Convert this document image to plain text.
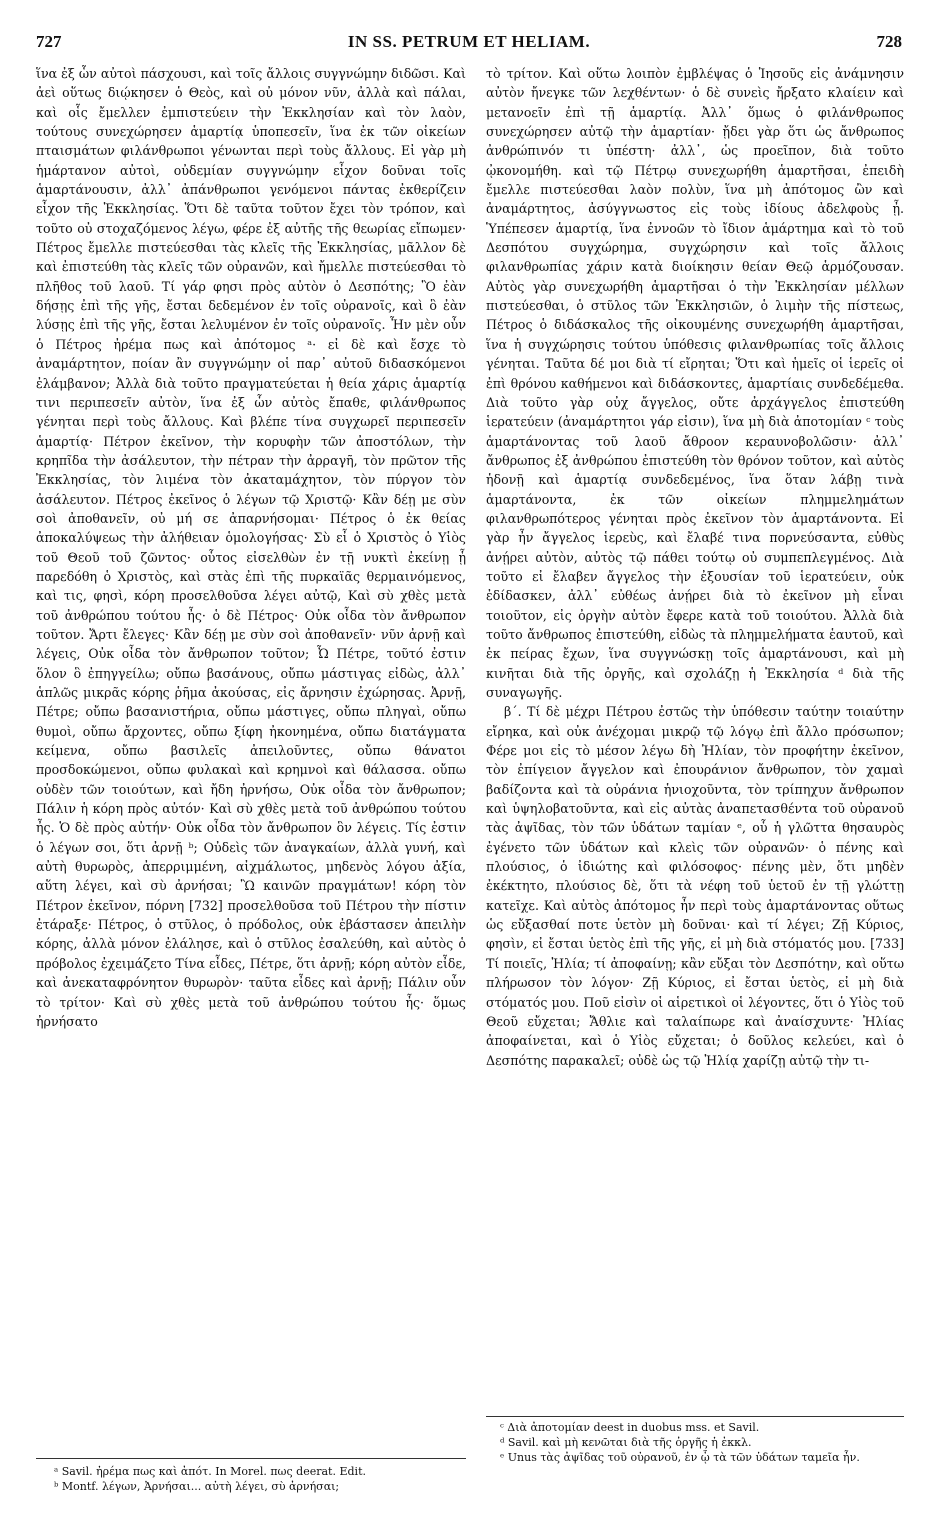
727	IN SS. PETRUM ET HELIAM.	728

ἵνα ἐξ ὧν αὐτοὶ πάσχουσι, καὶ τοῖς ἄλλοις συγγνώμην διδῶσι. Καὶ ἀεὶ οὕτως διῴκησεν ὁ Θεὸς, καὶ οὐ μόνον νῦν, ἀλλὰ καὶ πάλαι, καὶ οἷς ἔμελλεν ἐμπιστεύειν τὴν Ἐκκλησίαν καὶ τὸν λαὸν, τούτους συνεχώρησεν ἁμαρτίᾳ ὑποπεσεῖν, ἵνα ἐκ τῶν οἰκείων πταισμάτων φιλάνθρωποι γένωνται περὶ τοὺς ἄλλους. Εἰ γὰρ μὴ ἡμάρτανον αὐτοὶ, οὐδεμίαν συγγνώμην εἶχον δοῦναι τοῖς ἁμαρτάνουσιν, ἀλλ᾽ ἀπάνθρωποι γενόμενοι πάντας ἐκθερίζειν εἶχον τῆς Ἐκκλησίας. Ὅτι δὲ ταῦτα τοῦτον ἔχει τὸν τρόπον, καὶ τοῦτο οὐ στοχαζόμενος λέγω, φέρε ἐξ αὐτῆς τῆς θεωρίας εἴπωμεν· Πέτρος ἔμελλε πιστεύεσθαι τὰς κλεῖς τῆς Ἐκκλησίας, μᾶλλον δὲ καὶ ἐπιστεύθη τὰς κλεῖς τῶν οὐρανῶν, καὶ ἤμελλε πιστεύεσθαι τὸ πλῆθος τοῦ λαοῦ. Τί γάρ φησι πρὸς αὐτὸν ὁ Δεσπότης; Ὃ ἐὰν δήσῃς ἐπὶ τῆς γῆς, ἔσται δεδεμένον ἐν τοῖς οὐρανοῖς, καὶ ὃ ἐὰν λύσῃς ἐπὶ τῆς γῆς, ἔσται λελυμένον ἐν τοῖς οὐρανοῖς. Ἦν μὲν οὖν ὁ Πέτρος ἠρέμα πως καὶ ἀπότομος ᵃ· εἰ δὲ καὶ ἔσχε τὸ ἀναμάρτητον, ποίαν ἂν συγγνώμην οἱ παρ᾽ αὐτοῦ διδασκόμενοι ἐλάμβανον; Ἀλλὰ διὰ τοῦτο πραγματεύεται ἡ θεία χάρις ἁμαρτίᾳ τινι περιπεσεῖν αὐτὸν, ἵνα ἐξ ὧν αὐτὸς ἔπαθε, φιλάνθρωπος γένηται περὶ τοὺς ἄλλους. Καὶ βλέπε τίνα συγχωρεῖ περιπεσεῖν ἁμαρτίᾳ· Πέτρον ἐκεῖνον, τὴν κορυφὴν τῶν ἀποστόλων, τὴν κρηπῖδα τὴν ἀσάλευτον, τὴν πέτραν τὴν ἀρραγῆ, τὸν πρῶτον τῆς Ἐκκλησίας, τὸν λιμένα τὸν ἀκαταμάχητον, τὸν πύργον τὸν ἀσάλευτον. Πέτρος ἐκεῖνος ὁ λέγων τῷ Χριστῷ· Κἂν δέῃ με σὺν σοὶ ἀποθανεῖν, οὐ μή σε ἀπαρνήσομαι· Πέτρος ὁ ἐκ θείας ἀποκαλύψεως τὴν ἀλήθειαν ὁμολογήσας· Σὺ εἶ ὁ Χριστὸς ὁ Υἱὸς τοῦ Θεοῦ τοῦ ζῶντος· οὗτος εἰσελθὼν ἐν τῇ νυκτὶ ἐκείνῃ ᾗ παρεδόθη ὁ Χριστὸς, καὶ στὰς ἐπὶ τῆς πυρκαϊᾶς θερμαινόμενος, καὶ τις, φησὶ, κόρη προσελθοῦσα λέγει αὐτῷ, Καὶ σὺ χθὲς μετὰ τοῦ ἀνθρώπου τούτου ἦς· ὁ δὲ Πέτρος· Οὐκ οἶδα τὸν ἄνθρωπον τοῦτον. Ἄρτι ἔλεγες· Κἂν δέῃ με σὺν σοὶ ἀποθανεῖν· νῦν ἀρνῇ καὶ λέγεις, Οὐκ οἶδα τὸν ἄνθρωπον τοῦτον; Ὦ Πέτρε, τοῦτό ἐστιν ὅλον ὃ ἐπηγγείλω; οὔπω βασάνους, οὔπω μάστιγας εἰδὼς, ἀλλ᾽ ἁπλῶς μικρᾶς κόρης ῥῆμα ἀκούσας, εἰς ἄρνησιν ἐχώρησας. Ἀρνῇ, Πέτρε; οὔπω βασανιστήρια, οὔπω μάστιγες, οὔπω πληγαὶ, οὔπω θυμοὶ, οὔπω ἄρχοντες, οὔπω ξίφη ἠκονημένα, οὔπω διατάγματα κείμενα, οὔπω βασιλεῖς ἀπειλοῦντες, οὔπω θάνατοι προσδοκώμενοι, οὔπω φυλακαὶ καὶ κρημνοὶ καὶ θάλασσα. οὔπω οὐδὲν τῶν τοιούτων, καὶ ἤδη ἠρνήσω, Οὐκ οἶδα τὸν ἄνθρωπον; Πάλιν ἡ κόρη πρὸς αὐτόν· Καὶ σὺ χθὲς μετὰ τοῦ ἀνθρώπου τούτου ἦς. Ὁ δὲ πρὸς αὐτήν· Οὐκ οἶδα τὸν ἄνθρωπον ὃν λέγεις. Τίς ἐστιν ὁ λέγων σοι, ὅτι ἀρνῇ ᵇ; Οὐδεὶς τῶν ἀναγκαίων, ἀλλὰ γυνή, καὶ αὐτὴ θυρωρὸς, ἀπερριμμένη, αἰχμάλωτος, μηδενὸς λόγου ἀξία, αὕτη λέγει, καὶ σὺ ἀρνήσαι; Ὢ καινῶν πραγμάτων! κόρη τὸν Πέτρον ἐκεῖνον, πόρνη [732] προσελθοῦσα τοῦ Πέτρου τὴν πίστιν ἐτάραξε· Πέτρος, ὁ στῦλος, ὁ πρόδολος, οὐκ ἐβάστασεν ἀπειλὴν κόρης, ἀλλὰ μόνον ἐλάλησε, καὶ ὁ στῦλος ἐσαλεύθη, καὶ αὐτὸς ὁ πρόβολος ἐχειμάζετο Τίνα εἶδες, Πέτρε, ὅτι ἀρνῇ; κόρη αὐτὸν εἶδε, καὶ ἀνεκαταφρόνητον θυρωρὸν· ταῦτα εἶδες καὶ ἀρνῇ; Πάλιν οὖν τὸ τρίτον· Καὶ σὺ χθὲς μετὰ τοῦ ἀνθρώπου τούτου ἦς· ὅμως ἠρνήσατο

τὸ τρίτον. Καὶ οὕτω λοιπὸν ἐμβλέψας ὁ Ἰησοῦς εἰς ἀνάμνησιν αὐτὸν ἤνεγκε τῶν λεχθέντων· ὁ δὲ συνεὶς ἤρξατο κλαίειν καὶ μετανοεῖν ἐπὶ τῇ ἁμαρτίᾳ. Ἀλλ᾽ ὅμως ὁ φιλάνθρωπος συνεχώρησεν αὐτῷ τὴν ἁμαρτίαν· ᾔδει γὰρ ὅτι ὡς ἄνθρωπος ἀνθρώπινόν τι ὑπέστη· ἀλλ᾽, ὡς προεῖπον, διὰ τοῦτο ᾠκονομήθη. καὶ τῷ Πέτρῳ συνεχωρήθη ἁμαρτῆσαι, ἐπειδὴ ἔμελλε πιστεύεσθαι λαὸν πολὺν, ἵνα μὴ ἀπότομος ὢν καὶ ἀναμάρτητος, ἀσύγγνωστος εἰς τοὺς ἰδίους ἀδελφοὺς ᾖ. Ὑπέπεσεν ἁμαρτίᾳ, ἵνα ἐννοῶν τὸ ἴδιον ἁμάρτημα καὶ τὸ τοῦ Δεσπότου συγχώρημα, συγχώρησιν καὶ τοῖς ἄλλοις φιλανθρωπίας χάριν κατὰ διοίκησιν θείαν Θεῷ ἁρμόζουσαν. Αὐτὸς γὰρ συνεχωρήθη ἁμαρτῆσαι ὁ τὴν Ἐκκλησίαν μέλλων πιστεύεσθαι, ὁ στῦλος τῶν Ἐκκλησιῶν, ὁ λιμὴν τῆς πίστεως, Πέτρος ὁ διδάσκαλος τῆς οἰκουμένης συνεχωρήθη ἁμαρτῆσαι, ἵνα ἡ συγχώρησις τούτου ὑπόθεσις φιλανθρωπίας τοῖς ἄλλοις γένηται. Ταῦτα δέ μοι διὰ τί εἴρηται; Ὅτι καὶ ἡμεῖς οἱ ἱερεῖς οἱ ἐπὶ θρόνου καθήμενοι καὶ διδάσκοντες, ἁμαρτίαις συνδεδέμεθα. Διὰ τοῦτο γὰρ οὐχ ἄγγελος, οὔτε ἀρχάγγελος ἐπιστεύθη ἱερατεύειν (ἀναμάρτητοι γάρ εἰσιν), ἵνα μὴ διὰ ἀποτομίαν ᶜ τοὺς ἁμαρτάνοντας τοῦ λαοῦ ἄθροον κεραυνοβολῶσιν· ἀλλ᾽ ἄνθρωπος ἐξ ἀνθρώπου ἐπιστεύθη τὸν θρόνον τοῦτον, καὶ αὐτὸς ἡδονῇ καὶ ἁμαρτίᾳ συνδεδεμένος, ἵνα ὅταν λάβῃ τινὰ ἁμαρτάνοντα, ἐκ τῶν οἰκείων πλημμελημάτων φιλανθρωπότερος γένηται πρὸς ἐκεῖνον τὸν ἁμαρτάνοντα. Εἰ γὰρ ἦν ἄγγελος ἱερεὺς, καὶ ἔλαβέ τινα πορνεύσαντα, εὐθὺς ἀνῄρει αὐτὸν, αὐτὸς τῷ πάθει τούτῳ οὐ συμπεπλεγμένος. Διὰ τοῦτο εἰ ἔλαβεν ἄγγελος τὴν ἐξουσίαν τοῦ ἱερατεύειν, οὐκ ἐδίδασκεν, ἀλλ᾽ εὐθέως ἀνῄρει διὰ τὸ ἐκεῖνον μὴ εἶναι τοιοῦτον, εἰς ὀργὴν αὐτὸν ἔφερε κατὰ τοῦ τοιούτου. Ἀλλὰ διὰ τοῦτο ἄνθρωπος ἐπιστεύθη, εἰδὼς τὰ πλημμελήματα ἑαυτοῦ, καὶ ἐκ πείρας ἔχων, ἵνα συγγνώσκῃ τοῖς ἁμαρτάνουσι, καὶ μὴ κινῆται διὰ τῆς ὀργῆς, καὶ σχολάζῃ ἡ Ἐκκλησία ᵈ διὰ τῆς συναγωγῆς.

β΄. Τί δὲ μέχρι Πέτρου ἐστῶς τὴν ὑπόθεσιν ταύτην τοιαύτην εἴρηκα, καὶ οὐκ ἀνέχομαι μικρῷ τῷ λόγῳ ἐπὶ ἄλλο πρόσωπον; Φέρε μοι εἰς τὸ μέσον λέγω δὴ Ἠλίαν, τὸν προφήτην ἐκεῖνον, τὸν ἐπίγειον ἄγγελον καὶ ἐπουράνιον ἄνθρωπον, τὸν χαμαὶ βαδίζοντα καὶ τὰ οὐράνια ἡνιοχοῦντα, τὸν τρίπηχυν ἄνθρωπον καὶ ὑψηλοβατοῦντα, καὶ εἰς αὐτὰς ἀναπετασθέντα τοῦ οὐρανοῦ τὰς ἀψῖδας, τὸν τῶν ὑδάτων ταμίαν ᵉ, οὗ ἡ γλῶττα θησαυρὸς ἐγένετο τῶν ὑδάτων καὶ κλεὶς τῶν οὐρανῶν· ὁ πένης καὶ πλούσιος, ὁ ἰδιώτης καὶ φιλόσοφος· πένης μὲν, ὅτι μηδὲν ἐκέκτητο, πλούσιος δὲ, ὅτι τὰ νέφη τοῦ ὑετοῦ ἐν τῇ γλώττῃ κατεῖχε. Καὶ αὐτὸς ἀπότομος ἦν περὶ τοὺς ἁμαρτάνοντας οὕτως ὡς εὔξασθαί ποτε ὑετὸν μὴ δοῦναι· καὶ τί λέγει; Ζῇ Κύριος, φησὶν, εἰ ἔσται ὑετὸς ἐπὶ τῆς γῆς, εἰ μὴ διὰ στόματός μου. [733] Τί ποιεῖς, Ἠλία; τί ἀποφαίνῃ; κἂν εὔξαι τὸν Δεσπότην, καὶ οὕτω πλήρωσον τὸν λόγον· Ζῇ Κύριος, εἰ ἔσται ὑετὸς, εἰ μὴ διὰ στόματός μου. Ποῦ εἰσὶν οἱ αἱρετικοὶ οἱ λέγοντες, ὅτι ὁ Υἱὸς τοῦ Θεοῦ εὔχεται; Ἄθλιε καὶ ταλαίπωρε καὶ ἀναίσχυντε· Ἠλίας ἀποφαίνεται, καὶ ὁ Υἱὸς εὔχεται; ὁ δοῦλος κελεύει, καὶ ὁ Δεσπότης παρακαλεῖ; οὐδὲ ὡς τῷ Ἠλίᾳ χαρίζῃ αὐτῷ τὴν τι-

ᵃ Savil. ἠρέμα πως καὶ ἀπότ. In Morel. πως deerat. Edit.

ᵇ Montf. λέγων, Ἀρνήσαι... αὐτὴ λέγει, σὺ ἀρνήσαι;

ᶜ Διὰ ἀποτομίαν deest in duobus mss. et Savil.

ᵈ Savil. καὶ μὴ κενῶται διὰ τῆς ὀργῆς ἡ ἐκκλ.

ᵉ Unus τὰς ἀψῖδας τοῦ οὐρανοῦ, ἐν ᾧ τὰ τῶν ὑδάτων ταμεῖα ἦν.
